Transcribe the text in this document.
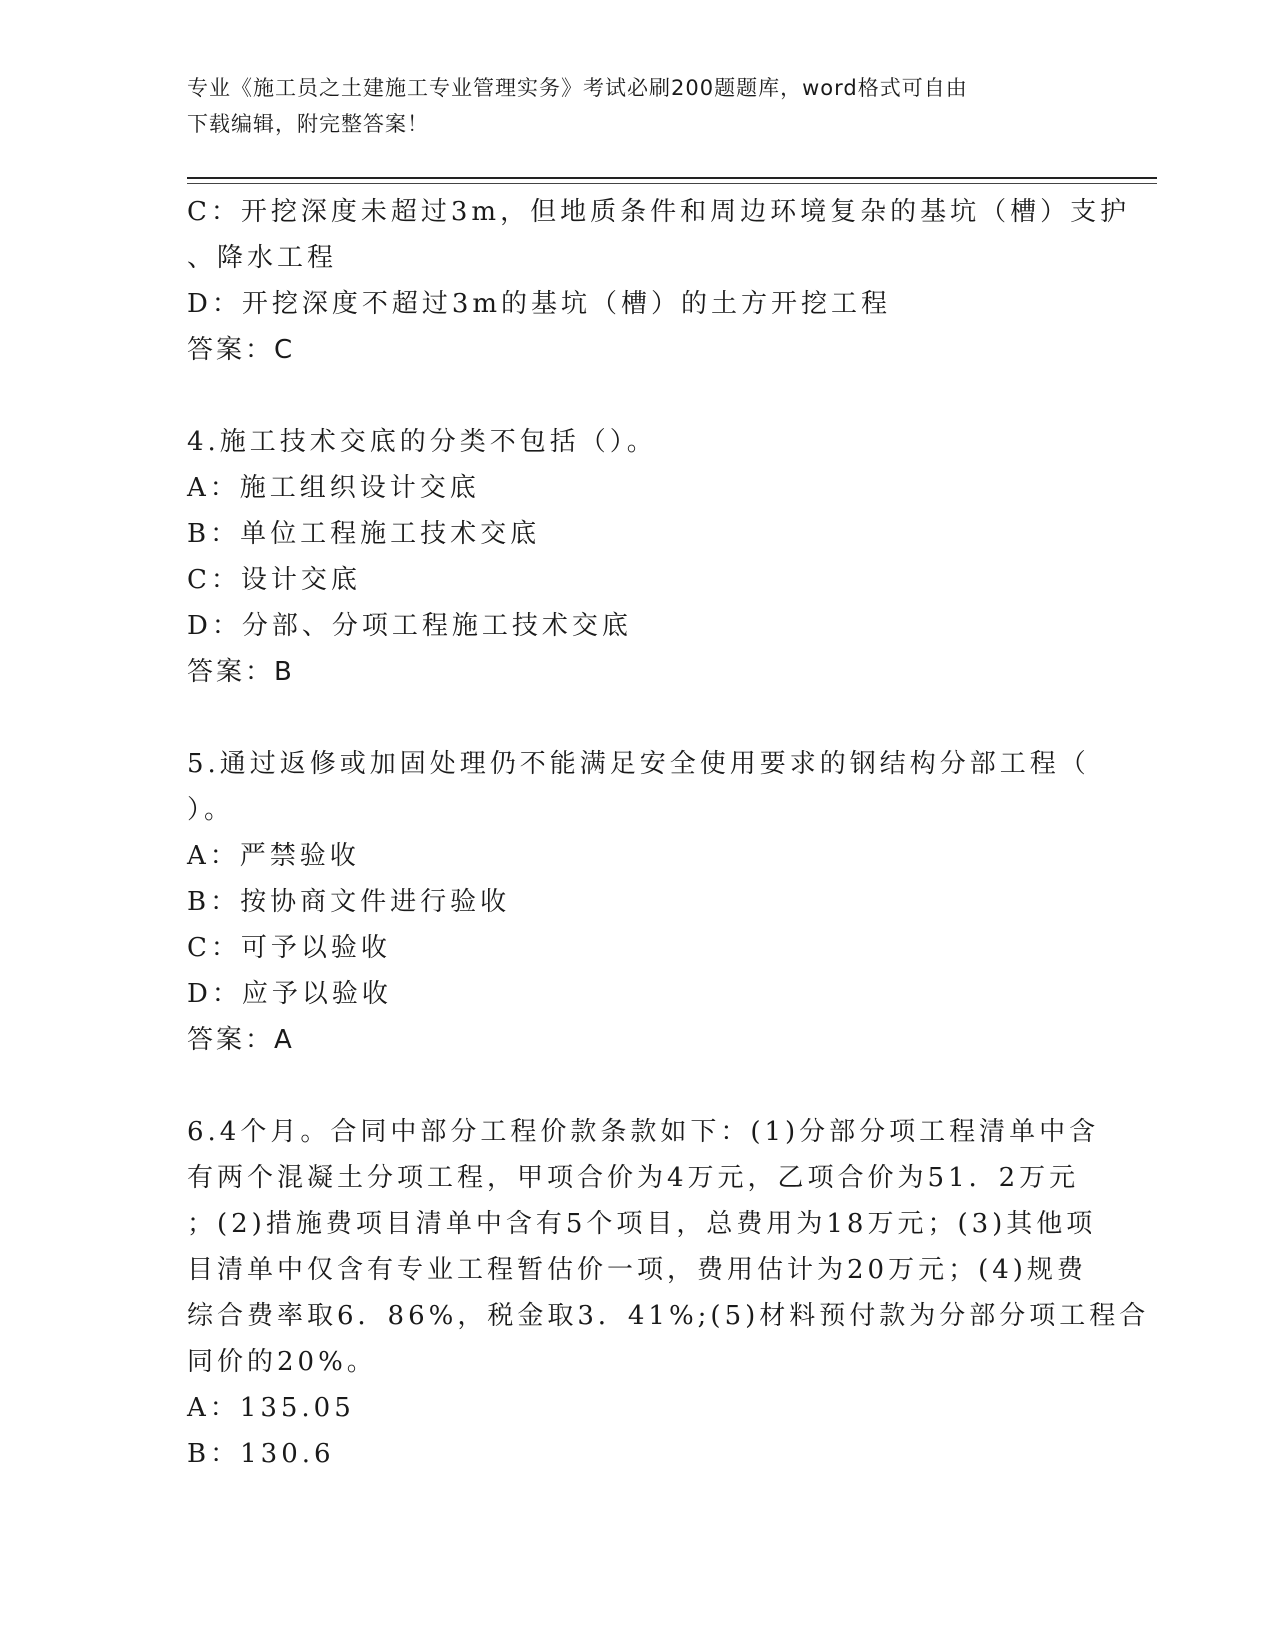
专业《施工员之土建施工专业管理实务》考试必刷200题题库，word格式可自由
下载编辑，附完整答案！
C：开挖深度未超过3m，但地质条件和周边环境复杂的基坑（槽）支护
、降水工程
D：开挖深度不超过3m的基坑（槽）的土方开挖工程
答案：C
4.施工技术交底的分类不包括（）。
A：施工组织设计交底
B：单位工程施工技术交底
C：设计交底
D：分部、分项工程施工技术交底
答案：B
5.通过返修或加固处理仍不能满足安全使用要求的钢结构分部工程（
）。
A：严禁验收
B：按协商文件进行验收
C：可予以验收
D：应予以验收
答案：A
6.4个月。合同中部分工程价款条款如下：(1)分部分项工程清单中含
有两个混凝土分项工程，甲项合价为4万元，乙项合价为51．2万元
；(2)措施费项目清单中含有5个项目，总费用为18万元；(3)其他项
目清单中仅含有专业工程暂估价一项，费用估计为20万元；(4)规费
综合费率取6．86%，税金取3．41%;(5)材料预付款为分部分项工程合
同价的20%。
A：135.05
B：130.6
